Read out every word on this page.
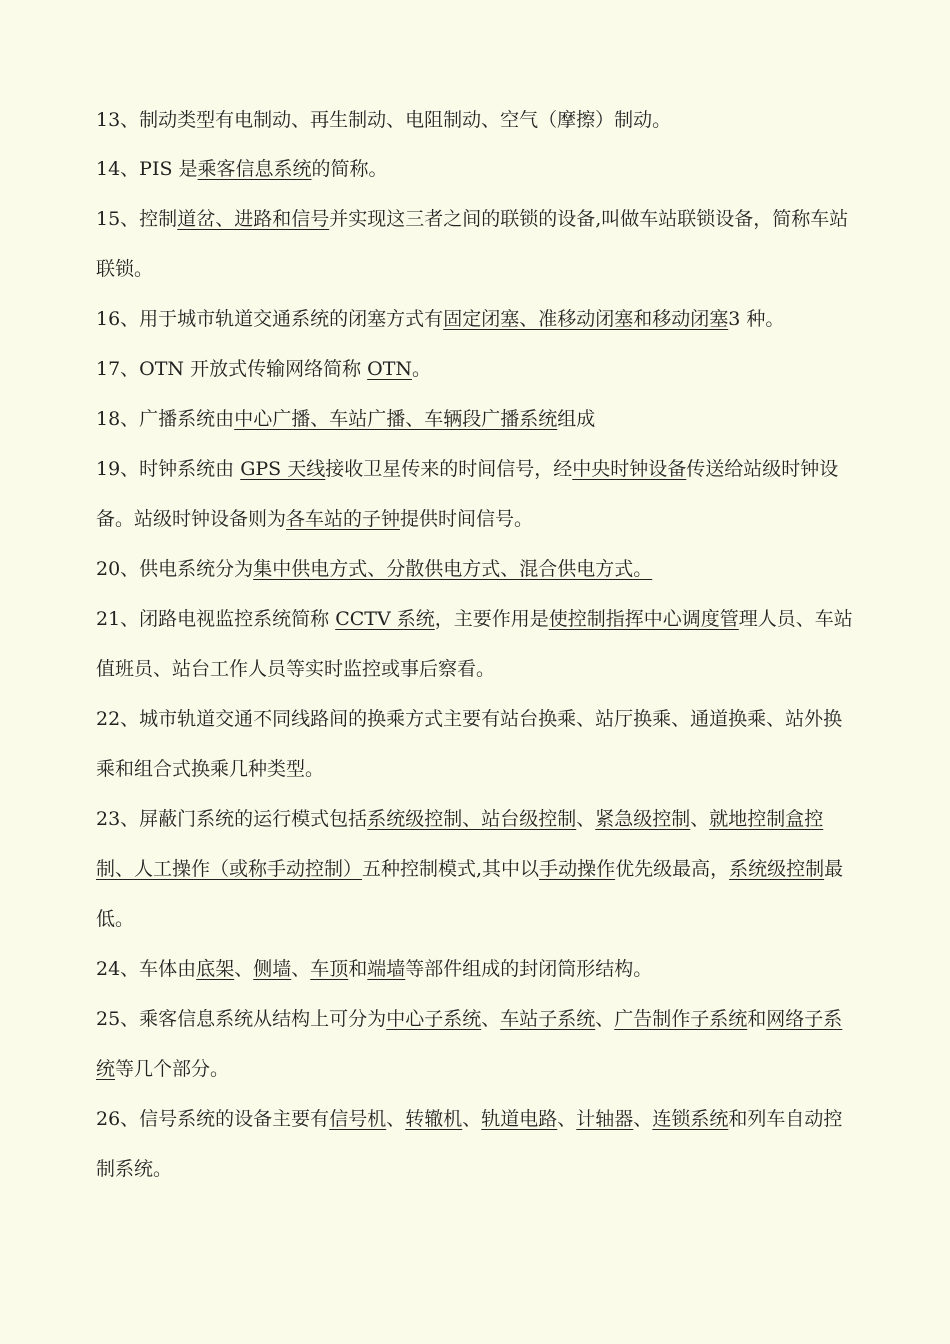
13、制动类型有电制动、再生制动、电阻制动、空气（摩擦）制动。

14、PIS 是乘客信息系统的简称。

15、控制道岔、进路和信号并实现这三者之间的联锁的设备,叫做车站联锁设备，简称车站联锁。

16、用于城市轨道交通系统的闭塞方式有固定闭塞、准移动闭塞和移动闭塞3 种。

17、OTN 开放式传输网络简称 OTN。

18、广播系统由中心广播、车站广播、车辆段广播系统组成

19、时钟系统由 GPS 天线接收卫星传来的时间信号，经中央时钟设备传送给站级时钟设备。站级时钟设备则为各车站的子钟提供时间信号。

20、供电系统分为集中供电方式、分散供电方式、混合供电方式。

21、闭路电视监控系统简称 CCTV 系统，主要作用是使控制指挥中心调度管理人员、车站值班员、站台工作人员等实时监控或事后察看。

22、城市轨道交通不同线路间的换乘方式主要有站台换乘、站厅换乘、通道换乘、站外换乘和组合式换乘几种类型。

23、屏蔽门系统的运行模式包括系统级控制、站台级控制、紧急级控制、就地控制盒控制、人工操作（或称手动控制）五种控制模式,其中以手动操作优先级最高，系统级控制最低。

24、车体由底架、侧墙、车顶和端墙等部件组成的封闭筒形结构。

25、乘客信息系统从结构上可分为中心子系统、车站子系统、广告制作子系统和网络子系统等几个部分。

26、信号系统的设备主要有信号机、转辙机、轨道电路、计轴器、连锁系统和列车自动控制系统。
